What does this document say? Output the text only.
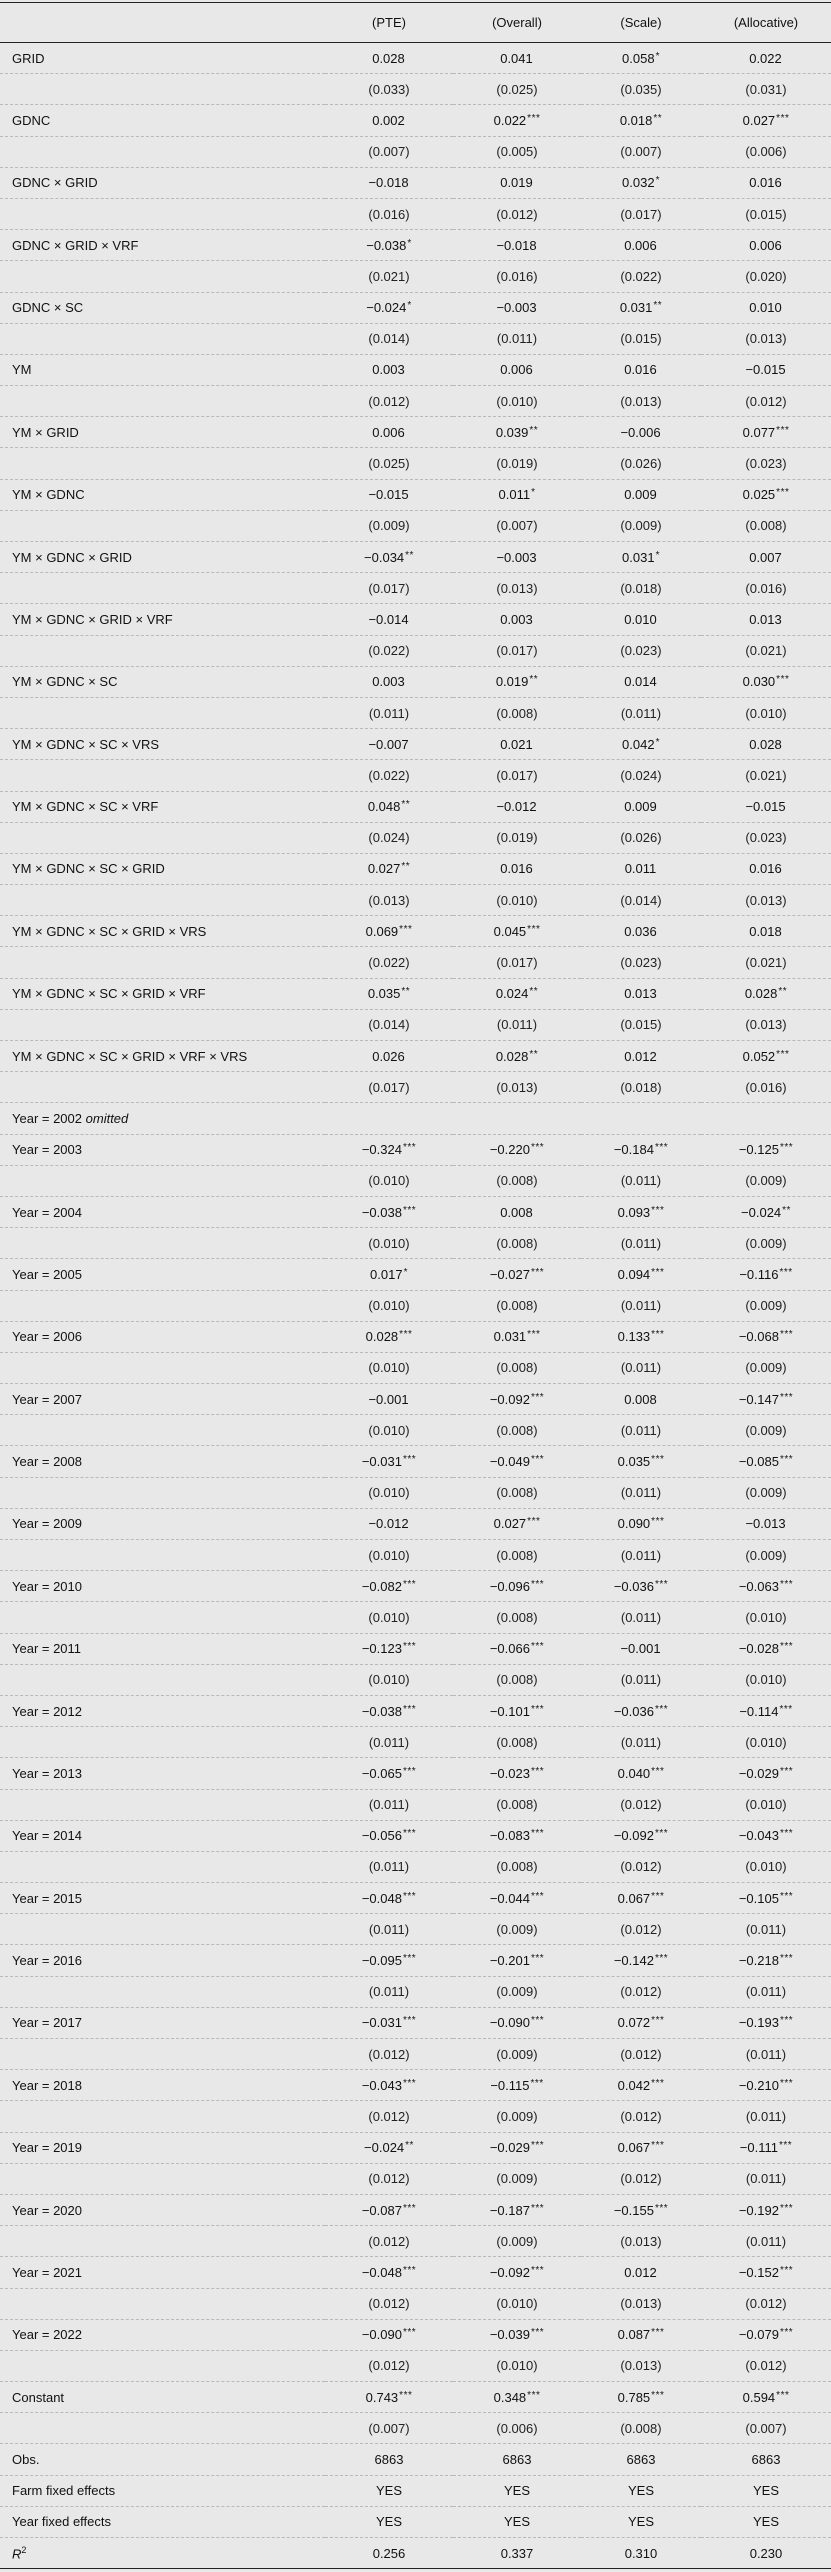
	(PTE)	(Overall)	(Scale)	(Allocative)
GRID	0.028	0.041	0.058*	0.022
	(0.033)	(0.025)	(0.035)	(0.031)
GDNC	0.002	0.022***	0.018**	0.027***
	(0.007)	(0.005)	(0.007)	(0.006)
GDNC × GRID	−0.018	0.019	0.032*	0.016
	(0.016)	(0.012)	(0.017)	(0.015)
GDNC × GRID × VRF	−0.038*	−0.018	0.006	0.006
	(0.021)	(0.016)	(0.022)	(0.020)
GDNC × SC	−0.024*	−0.003	0.031**	0.010
	(0.014)	(0.011)	(0.015)	(0.013)
YM	0.003	0.006	0.016	−0.015
	(0.012)	(0.010)	(0.013)	(0.012)
YM × GRID	0.006	0.039**	−0.006	0.077***
	(0.025)	(0.019)	(0.026)	(0.023)
YM × GDNC	−0.015	0.011*	0.009	0.025***
	(0.009)	(0.007)	(0.009)	(0.008)
YM × GDNC × GRID	−0.034**	−0.003	0.031*	0.007
	(0.017)	(0.013)	(0.018)	(0.016)
YM × GDNC × GRID × VRF	−0.014	0.003	0.010	0.013
	(0.022)	(0.017)	(0.023)	(0.021)
YM × GDNC × SC	0.003	0.019**	0.014	0.030***
	(0.011)	(0.008)	(0.011)	(0.010)
YM × GDNC × SC × VRS	−0.007	0.021	0.042*	0.028
	(0.022)	(0.017)	(0.024)	(0.021)
YM × GDNC × SC × VRF	0.048**	−0.012	0.009	−0.015
	(0.024)	(0.019)	(0.026)	(0.023)
YM × GDNC × SC × GRID	0.027**	0.016	0.011	0.016
	(0.013)	(0.010)	(0.014)	(0.013)
YM × GDNC × SC × GRID × VRS	0.069***	0.045***	0.036	0.018
	(0.022)	(0.017)	(0.023)	(0.021)
YM × GDNC × SC × GRID × VRF	0.035**	0.024**	0.013	0.028**
	(0.014)	(0.011)	(0.015)	(0.013)
YM × GDNC × SC × GRID × VRF × VRS	0.026	0.028**	0.012	0.052***
	(0.017)	(0.013)	(0.018)	(0.016)
Year = 2002 omitted				
Year = 2003	−0.324***	−0.220***	−0.184***	−0.125***
	(0.010)	(0.008)	(0.011)	(0.009)
Year = 2004	−0.038***	0.008	0.093***	−0.024**
	(0.010)	(0.008)	(0.011)	(0.009)
Year = 2005	0.017*	−0.027***	0.094***	−0.116***
	(0.010)	(0.008)	(0.011)	(0.009)
Year = 2006	0.028***	0.031***	0.133***	−0.068***
	(0.010)	(0.008)	(0.011)	(0.009)
Year = 2007	−0.001	−0.092***	0.008	−0.147***
	(0.010)	(0.008)	(0.011)	(0.009)
Year = 2008	−0.031***	−0.049***	0.035***	−0.085***
	(0.010)	(0.008)	(0.011)	(0.009)
Year = 2009	−0.012	0.027***	0.090***	−0.013
	(0.010)	(0.008)	(0.011)	(0.009)
Year = 2010	−0.082***	−0.096***	−0.036***	−0.063***
	(0.010)	(0.008)	(0.011)	(0.010)
Year = 2011	−0.123***	−0.066***	−0.001	−0.028***
	(0.010)	(0.008)	(0.011)	(0.010)
Year = 2012	−0.038***	−0.101***	−0.036***	−0.114***
	(0.011)	(0.008)	(0.011)	(0.010)
Year = 2013	−0.065***	−0.023***	0.040***	−0.029***
	(0.011)	(0.008)	(0.012)	(0.010)
Year = 2014	−0.056***	−0.083***	−0.092***	−0.043***
	(0.011)	(0.008)	(0.012)	(0.010)
Year = 2015	−0.048***	−0.044***	0.067***	−0.105***
	(0.011)	(0.009)	(0.012)	(0.011)
Year = 2016	−0.095***	−0.201***	−0.142***	−0.218***
	(0.011)	(0.009)	(0.012)	(0.011)
Year = 2017	−0.031***	−0.090***	0.072***	−0.193***
	(0.012)	(0.009)	(0.012)	(0.011)
Year = 2018	−0.043***	−0.115***	0.042***	−0.210***
	(0.012)	(0.009)	(0.012)	(0.011)
Year = 2019	−0.024**	−0.029***	0.067***	−0.111***
	(0.012)	(0.009)	(0.012)	(0.011)
Year = 2020	−0.087***	−0.187***	−0.155***	−0.192***
	(0.012)	(0.009)	(0.013)	(0.011)
Year = 2021	−0.048***	−0.092***	0.012	−0.152***
	(0.012)	(0.010)	(0.013)	(0.012)
Year = 2022	−0.090***	−0.039***	0.087***	−0.079***
	(0.012)	(0.010)	(0.013)	(0.012)
Constant	0.743***	0.348***	0.785***	0.594***
	(0.007)	(0.006)	(0.008)	(0.007)
Obs.	6863	6863	6863	6863
Farm fixed effects	YES	YES	YES	YES
Year fixed effects	YES	YES	YES	YES
$R^2$	0.256	0.337	0.310	0.230
